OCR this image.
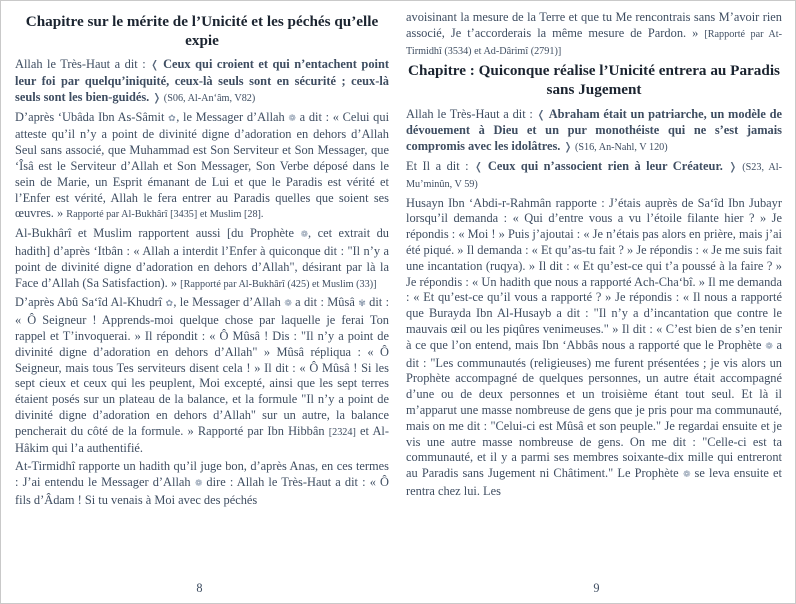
Chapitre sur le mérite de l’Unicité et les péchés qu’elle expie
Allah le Très-Haut a dit : ❬ Ceux qui croient et qui n’entachent point leur foi par quelqu’iniquité, ceux-là seuls sont en sécurité ; ceux-là seuls sont les bien-guidés. ❭ (S06, Al-An‘âm, V82)
D’après ‘Ubâda Ibn As-Sâmit ✿, le Messager d’Allah ❁ a dit : « Celui qui atteste qu’il n’y a point de divinité digne d’adoration en dehors d’Allah Seul sans associé, que Muhammad est Son Serviteur et Son Messager, que ‘Îsâ est le Serviteur d’Allah et Son Messager, Son Verbe déposé dans le sein de Marie, un Esprit émanant de Lui et que le Paradis est vérité et l’Enfer est vérité, Allah le fera entrer au Paradis quelles que soient ses œuvres. » Rapporté par Al-Bukhârî [3435] et Muslim [28].
Al-Bukhârî et Muslim rapportent aussi [du Prophète ❁, cet extrait du hadith] d’après ‘Itbân : « Allah a interdit l’Enfer à quiconque dit : "Il n’y a point de divinité digne d’adoration en dehors d’Allah", désirant par là la Face d’Allah (Sa Satisfaction). » [Rapporté par Al-Bukhârî (425) et Muslim (33)]
D’après Abû Sa‘îd Al-Khudrî ✿, le Messager d’Allah ❁ a dit : Mûsâ ✾ dit : « Ô Seigneur ! Apprends-moi quelque chose par laquelle je ferai Ton rappel et T’invoquerai. » Il répondit : « Ô Mûsâ ! Dis : "Il n’y a point de divinité digne d’adoration en dehors d’Allah" » Mûsâ répliqua : « Ô Seigneur, mais tous Tes serviteurs disent cela ! » Il dit : « Ô Mûsâ ! Si les sept cieux et ceux qui les peuplent, Moi excepté, ainsi que les sept terres étaient posés sur un plateau de la balance, et la formule "Il n’y a point de divinité digne d’adoration en dehors d’Allah" sur un autre, la balance pencherait du côté de la formule. » Rapporté par Ibn Hibbân [2324] et Al-Hâkim qui l’a authentifié.
At-Tirmidhî rapporte un hadith qu’il juge bon, d’après Anas, en ces termes : J’ai entendu le Messager d’Allah ❁ dire : Allah le Très-Haut a dit : « Ô fils d’Âdam ! Si tu venais à Moi avec des péchés
8
avoisinant la mesure de la Terre et que tu Me rencontrais sans M’avoir rien associé, Je t’accorderais la même mesure de Pardon. » [Rapporté par At-Tirmidhî (3534) et Ad-Dârimî (2791)]
Chapitre : Quiconque réalise l’Unicité entrera au Paradis sans Jugement
Allah le Très-Haut a dit : ❬ Abraham était un patriarche, un modèle de dévouement à Dieu et un pur monothéiste qui ne s’est jamais compromis avec les idolâtres. ❭ (S16, An-Nahl, V 120)
Et Il a dit : ❬ Ceux qui n’associent rien à leur Créateur. ❭ (S23, Al-Mu’minûn, V 59)
Husayn Ibn ‘Abdi-r-Rahmân rapporte : J’étais auprès de Sa‘îd Ibn Jubayr lorsqu’il demanda : « Qui d’entre vous a vu l’étoile filante hier ? » Je répondis : « Moi ! » Puis j’ajoutai : « Je n’étais pas alors en prière, mais j’ai été piqué. » Il demanda : « Et qu’as-tu fait ? » Je répondis : « Je me suis fait une incantation (ruqya). » Il dit : « Et qu’est-ce qui t’a poussé à la faire ? » Je répondis : « Un hadith que nous a rapporté Ach-Cha‘bî. » Il me demanda : « Et qu’est-ce qu’il vous a rapporté ? » Je répondis : « Il nous a rapporté que Burayda Ibn Al-Husayb a dit : "Il n’y a d’incantation que contre le mauvais œil ou les piqûres venimeuses." » Il dit : « C’est bien de s’en tenir à ce que l’on entend, mais Ibn ‘Abbâs nous a rapporté que le Prophète ❁ a dit : "Les communautés (religieuses) me furent présentées ; je vis alors un Prophète accompagné de quelques personnes, un autre était accompagné d’une ou de deux personnes et un troisième étant tout seul. Et là il m’apparut une masse nombreuse de gens que je pris pour ma communauté, mais on me dit : "Celui-ci est Mûsâ et son peuple." Je regardai ensuite et je vis une autre masse nombreuse de gens. On me dit : "Celle-ci est ta communauté, et il y a parmi ses membres soixante-dix mille qui entreront au Paradis sans Jugement ni Châtiment." Le Prophète ❁ se leva ensuite et rentra chez lui. Les
9
